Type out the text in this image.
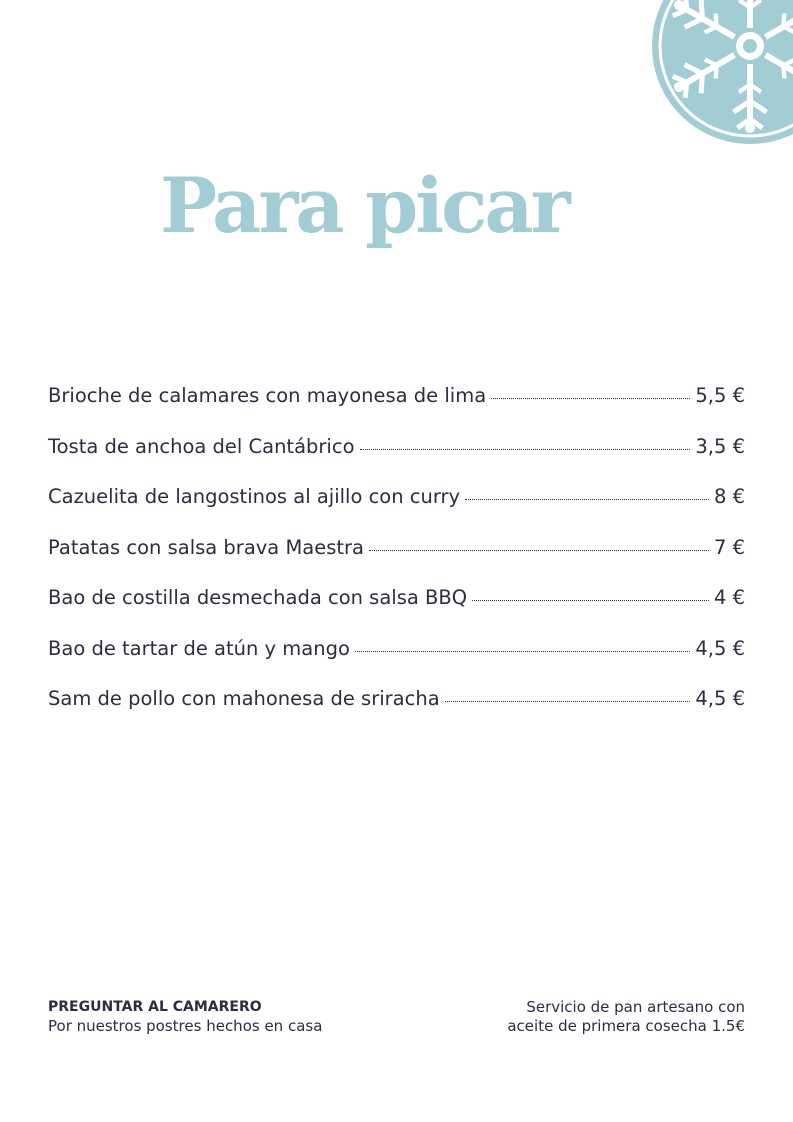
Para picar
Brioche de calamares con mayonesa de lima	5,5 €
Tosta de anchoa del Cantábrico	3,5 €
Cazuelita de langostinos al ajillo con curry	8 €
Patatas con salsa brava Maestra	7 €
Bao de costilla desmechada con salsa BBQ	4 €
Bao de tartar de atún y mango	4,5 €
Sam de pollo con mahonesa de sriracha	4,5 €
PREGUNTAR AL CAMARERO
Por nuestros postres hechos en casa
Servicio de pan artesano con
aceite de primera cosecha 1.5€
